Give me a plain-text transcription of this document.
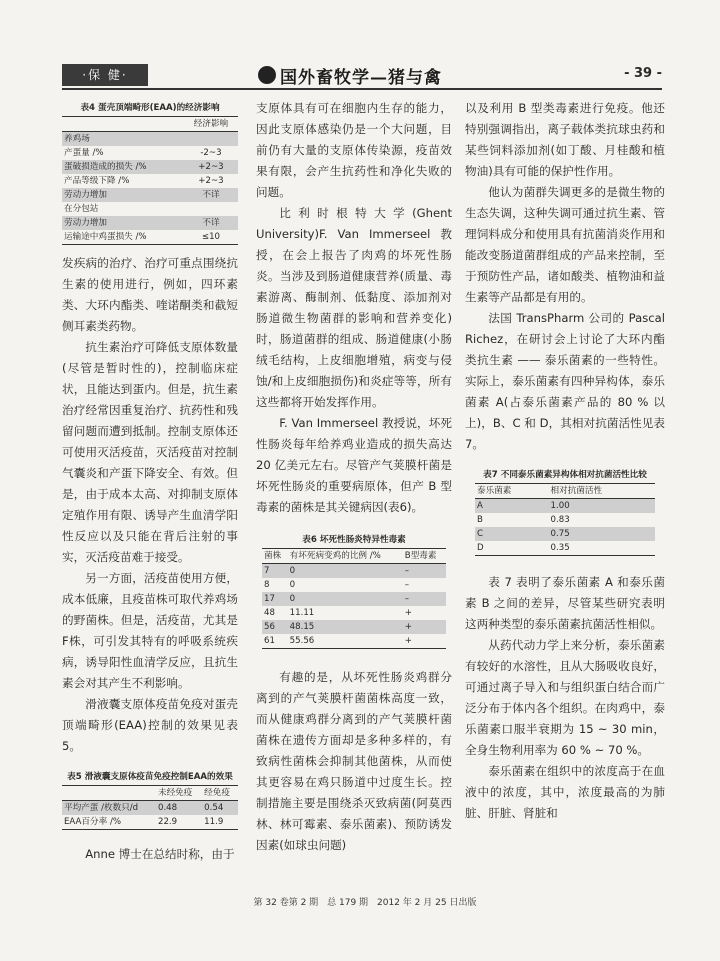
·保 健·	国外畜牧学—猪与禽	- 39 -
表4 蛋壳顶端畸形(EAA)的经济影响
	经济影响
养鸡场	
产蛋量 /%	-2~3
蛋破损造成的损失 /%	+2~3
产品等级下降 /%	+2~3
劳动力增加	不详
在分包站	
劳动力增加	不详
运输途中鸡蛋损失 /%	≤10

发疾病的治疗、治疗可重点围绕抗生素的使用进行，例如，四环素类、大环内酯类、喹诺酮类和截短侧耳素类药物。

抗生素治疗可降低支原体数量(尽管是暂时性的)，控制临床症状，且能达到蛋内。但是，抗生素治疗经常因重复治疗、抗药性和残留问题而遭到抵制。控制支原体还可使用灭活疫苗，灭活疫苗对控制气囊炎和产蛋下降安全、有效。但是，由于成本太高、对抑制支原体定殖作用有限、诱导产生血清学阳性反应以及只能在背后注射的事实，灭活疫苗难于接受。

另一方面，活疫苗使用方便，成本低廉，且疫苗株可取代养鸡场的野菌株。但是，活疫苗，尤其是F株，可引发其特有的呼吸系统疾病，诱导阳性血清学反应，且抗生素会对其产生不利影响。

滑液囊支原体疫苗免疫对蛋壳顶端畸形(EAA)控制的效果见表5。

表5 滑液囊支原体疫苗免疫控制EAA的效果
	未经免疫	经免疫
平均产蛋 /枚数只/d	0.48	0.54
EAA百分率 /%	22.9	11.9

Anne 博士在总结时称，由于

支原体具有可在细胞内生存的能力，因此支原体感染仍是一个大问题，目前仍有大量的支原体传染源，疫苗效果有限，会产生抗药性和净化失败的问题。

比利时根特大学(Ghent University)F. Van Immerseel 教授，在会上报告了肉鸡的坏死性肠炎。当涉及到肠道健康营养(质量、毒素游离、酶制剂、低黏度、添加剂对肠道微生物菌群的影响和营养变化)时，肠道菌群的组成、肠道健康(小肠绒毛结构，上皮细胞增殖，病变与侵蚀/和上皮细胞损伤)和炎症等等，所有这些都将开始发挥作用。

F. Van Immerseel 教授说，坏死性肠炎每年给养鸡业造成的损失高达 20 亿美元左右。尽管产气荚膜杆菌是坏死性肠炎的重要病原体，但产 B 型毒素的菌株是其关键病因(表6)。

表6 坏死性肠炎特异性毒素
菌株	有坏死病变鸡的比例 /%	B型毒素
7	0	–
8	0	–
17	0	–
48	11.11	+
56	48.15	+
61	55.56	+

有趣的是，从坏死性肠炎鸡群分离到的产气荚膜杆菌菌株高度一致，而从健康鸡群分离到的产气荚膜杆菌菌株在遗传方面却是多种多样的，有致病性菌株会抑制其他菌株，从而使其更容易在鸡只肠道中过度生长。控制措施主要是围绕杀灭致病菌(阿莫西林、林可霉素、泰乐菌素)、预防诱发因素(如球虫问题)

以及利用 B 型类毒素进行免疫。他还特别强调指出，离子载体类抗球虫药和某些饲料添加剂(如丁酸、月桂酸和植物油)具有可能的保护性作用。

他认为菌群失调更多的是微生物的生态失调，这种失调可通过抗生素、管理饲料成分和使用具有抗菌消炎作用和能改变肠道菌群组成的产品来控制，至于预防性产品，诸如酸类、植物油和益生素等产品都是有用的。

法国 TransPharm 公司的 Pascal Richez，在研讨会上讨论了大环内酯类抗生素 —— 泰乐菌素的一些特性。实际上，泰乐菌素有四种异构体，泰乐菌素 A(占泰乐菌素产品的 80 % 以上)，B、C 和 D，其相对抗菌活性见表 7。

表7 不同泰乐菌素异构体相对抗菌活性比较
泰乐菌素	相对抗菌活性
A	1.00
B	0.83
C	0.75
D	0.35

表 7 表明了泰乐菌素 A 和泰乐菌素 B 之间的差异，尽管某些研究表明这两种类型的泰乐菌素抗菌活性相似。

从药代动力学上来分析，泰乐菌素有较好的水溶性，且从大肠吸收良好，可通过离子导入和与组织蛋白结合而广泛分布于体内各个组织。在肉鸡中，泰乐菌素口服半衰期为 15 ~ 30 min，全身生物利用率为 60 % ~ 70 %。

泰乐菌素在组织中的浓度高于在血液中的浓度，其中，浓度最高的为肺脏、肝脏、肾脏和

第 32 卷第 2 期　总 179 期　2012 年 2 月 25 日出版
